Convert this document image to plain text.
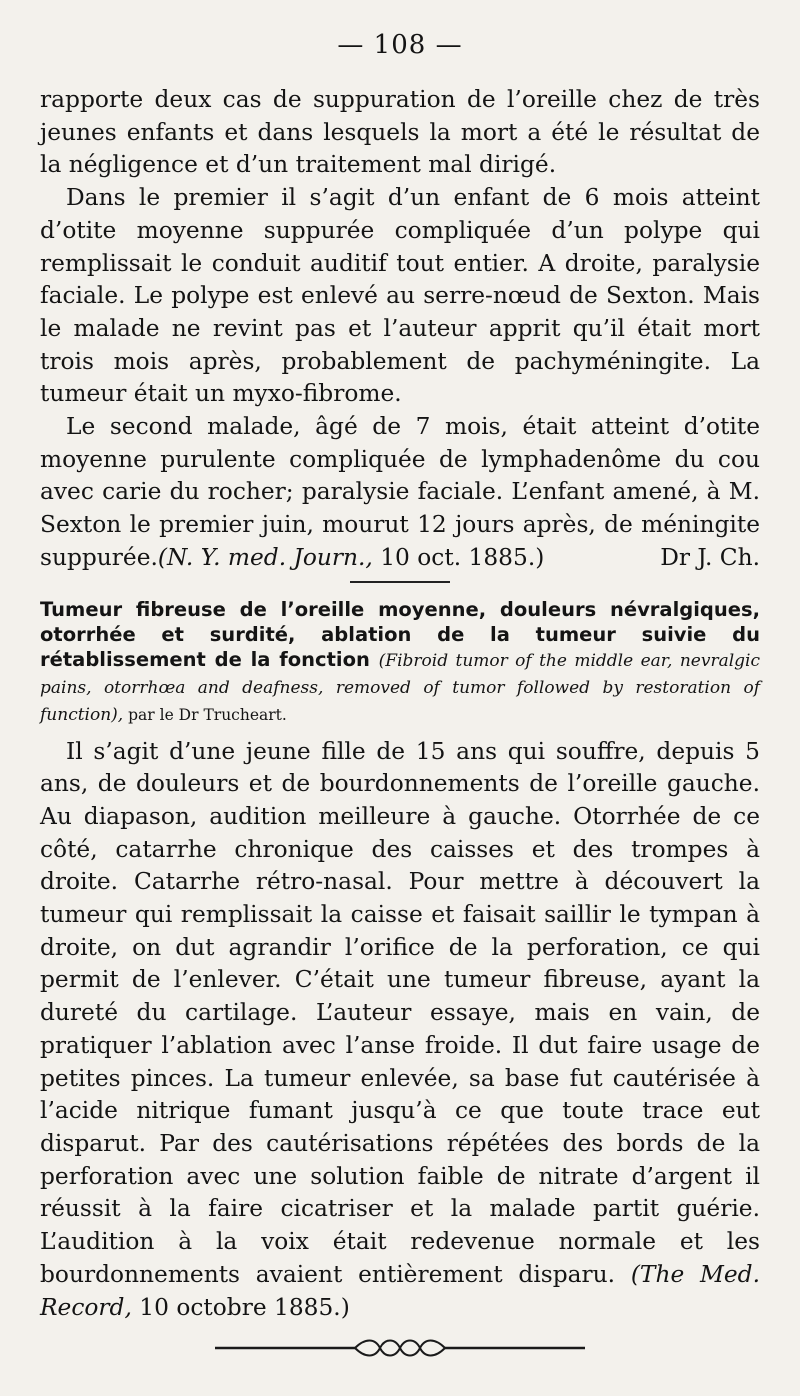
— 108 —

rapporte deux cas de suppuration de l’oreille chez de très jeunes enfants et dans lesquels la mort a été le résultat de la négligence et d’un traitement mal dirigé.

Dans le premier il s’agit d’un enfant de 6 mois atteint d’otite moyenne suppurée compliquée d’un polype qui remplissait le conduit auditif tout entier. A droite, paralysie faciale. Le polype est enlevé au serre-nœud de Sexton. Mais le malade ne revint pas et l’auteur apprit qu’il était mort trois mois après, probablement de pachyméningite. La tumeur était un myxo-fibrome.

Le second malade, âgé de 7 mois, était atteint d’otite moyenne purulente compliquée de lymphadenôme du cou avec carie du rocher; paralysie faciale. L’enfant amené, à M. Sexton le premier juin, mourut 12 jours après, de méningite suppurée.(N. Y. med. Journ., 10 oct. 1885.)	Dr J. Ch.

Tumeur fibreuse de l’oreille moyenne, douleurs névralgiques, otorrhée et surdité, ablation de la tumeur suivie du rétablissement de la fonction (Fibroid tumor of the middle ear, nevralgic pains, otorrhœa and deafness, removed of tumor followed by restoration of function), par le Dr Trucheart.

Il s’agit d’une jeune fille de 15 ans qui souffre, depuis 5 ans, de douleurs et de bourdonnements de l’oreille gauche. Au diapason, audition meilleure à gauche. Otorrhée de ce côté, catarrhe chronique des caisses et des trompes à droite. Catarrhe rétro-nasal. Pour mettre à découvert la tumeur qui remplissait la caisse et faisait saillir le tympan à droite, on dut agrandir l’orifice de la perforation, ce qui permit de l’enlever. C’était une tumeur fibreuse, ayant la dureté du cartilage. L’auteur essaye, mais en vain, de pratiquer l’ablation avec l’anse froide. Il dut faire usage de petites pinces. La tumeur enlevée, sa base fut cautérisée à l’acide nitrique fumant jusqu’à ce que toute trace eut disparut. Par des cautérisations répétées des bords de la perforation avec une solution faible de nitrate d’argent il réussit à la faire cicatriser et la malade partit guérie. L’audition à la voix était redevenue normale et les bourdonnements avaient entièrement disparu. (The Med. Record, 10 octobre 1885.)
